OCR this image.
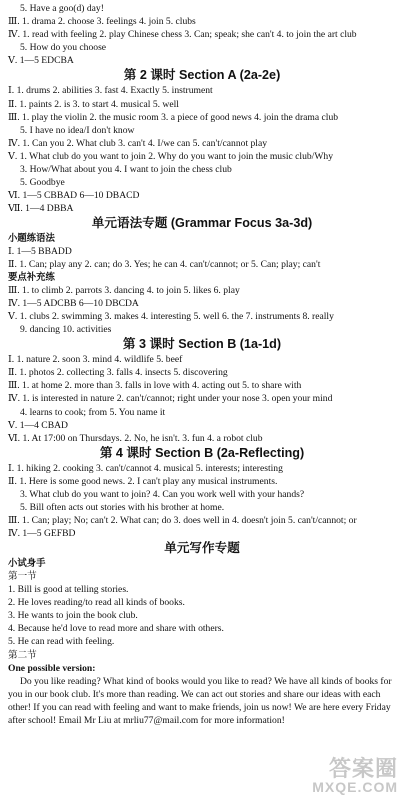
5. Have a goo(d) day!
Ⅲ. 1. drama 2. choose 3. feelings 4. join 5. clubs
Ⅳ. 1. read with feeling 2. play Chinese chess 3. Can; speak; she can't 4. to join the art club
5. How do you choose
Ⅴ. 1—5 EDCBA
第 2 课时 Section A (2a-2e)
Ⅰ. 1. drums 2. abilities 3. fast 4. Exactly 5. instrument
Ⅱ. 1. paints 2. is 3. to start 4. musical 5. well
Ⅲ. 1. play the violin 2. the music room 3. a piece of good news 4. join the drama club
5. I have no idea/I don't know
Ⅳ. 1. Can you 2. What club 3. can't 4. I/we can 5. can't/cannot play
Ⅴ. 1. What club do you want to join 2. Why do you want to join the music club/Why
3. How/What about you 4. I want to join the chess club
5. Goodbye
Ⅵ. 1—5 CBBAD 6—10 DBACD
Ⅶ. 1—4 DBBA
单元语法专题 (Grammar Focus 3a-3d)
小题练语法
Ⅰ. 1—5 BBADD
Ⅱ. 1. Can; play any 2. can; do 3. Yes; he can 4. can't/cannot; or 5. Can; play; can't
要点补充练
Ⅲ. 1. to climb 2. parrots 3. dancing 4. to join 5. likes 6. play
Ⅳ. 1—5 ADCBB 6—10 DBCDA
Ⅴ. 1. clubs 2. swimming 3. makes 4. interesting 5. well 6. the 7. instruments 8. really
9. dancing 10. activities
第 3 课时 Section B (1a-1d)
Ⅰ. 1. nature 2. soon 3. mind 4. wildlife 5. beef
Ⅱ. 1. photos 2. collecting 3. falls 4. insects 5. discovering
Ⅲ. 1. at home 2. more than 3. falls in love with 4. acting out 5. to share with
Ⅳ. 1. is interested in nature 2. can't/cannot; right under your nose 3. open your mind
4. learns to cook; from 5. You name it
Ⅴ. 1—4 CBAD
Ⅵ. 1. At 17:00 on Thursdays. 2. No, he isn't. 3. fun 4. a robot club
第 4 课时 Section B (2a-Reflecting)
Ⅰ. 1. hiking 2. cooking 3. can't/cannot 4. musical 5. interests; interesting
Ⅱ. 1. Here is some good news. 2. I can't play any musical instruments.
3. What club do you want to join? 4. Can you work well with your hands?
5. Bill often acts out stories with his brother at home.
Ⅲ. 1. Can; play; No; can't 2. What can; do 3. does well in 4. doesn't join 5. can't/cannot; or
Ⅳ. 1—5 GEFBD
单元写作专题
小试身手
第一节
1. Bill is good at telling stories.
2. He loves reading/to read all kinds of books.
3. He wants to join the book club.
4. Because he'd love to read more and share with others.
5. He can read with feeling.
第二节
One possible version:
Do you like reading? What kind of books would you like to read? We have all kinds of books for
you in our book club. It's more than reading. We can act out stories and share our ideas with each
other! If you can read with feeling and want to make friends, join us now! We are here every Friday
after school! Email Mr Liu at mrliu77@mail.com for more information!
答案圈
MXQE.COM
